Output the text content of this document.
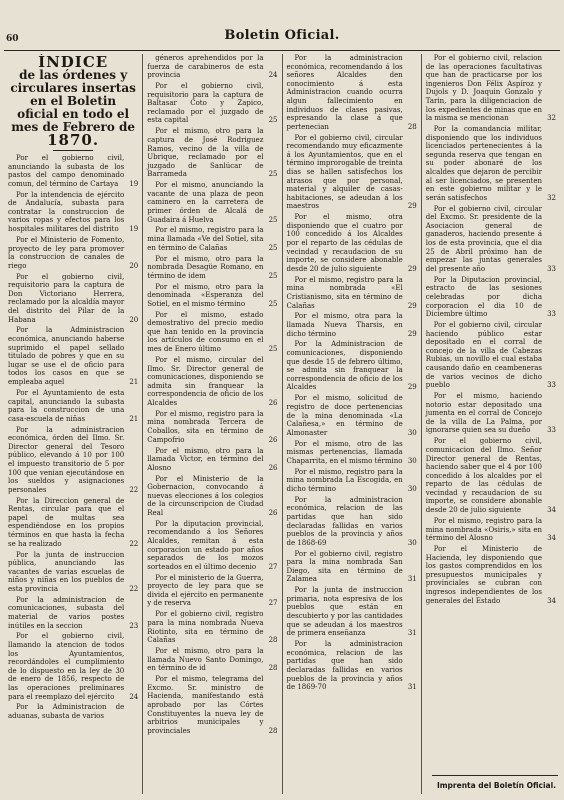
60	Boletin Oficial.
ÍNDICE
de las órdenes y circulares insertas en el Boletin oficial en todo el mes de Febrero de
1870.
Por el gobierno civil, anunciando la subasta de los pastos del campo denominado comun, del término de Cartaya	19
Por la intendencia de ejército de Andalucía, subasta para contratar la construccion de varios ropas y efectos para los hospitales militares del distrito	19
Por el Ministerio de Fomento, proyecto de ley para promover la construccion de canales de riego	20
Por el gobierno civil, requisitorio para la captura de Don Victoriano Herrera, reclamado por la alcaldía mayor del distrito del Pilar de la Habana	20
Por la Administracion económica, anunciando haberse suprimido el papel sellado titulado de pobres y que en su lugar se use el de oficio para todos los casos en que se empleaba aquel	21
Por el Ayuntamiento de esta capital, anunciando la subasta para la construccion de una casa-escuela de niñas	21
Por la administracion económica, órden del Ilmo. Sr. Director general del Tesoro público, elevando á 10 por 100 el impuesto transitorio de 5 por 100 que venian ejecutándose en los sueldos y asignaciones personales	22
Por la Direccion general de Rentas, circular para que el papel de multas sea espendiéndose en los propios términos en que hasta la fecha se ha realizado	22
Por la junta de instruccion pública, anunciando las vacantes de varias escuelas de niños y niñas en los pueblos de esta provincia	22
Por la administracion de comunicaciones, subasta del material de varios postes inútiles en la seccion	23
Por el gobierno civil, llamando la atencion de todos los Ayuntamientos, recordándoles el cumplimiento de lo dispuesto en la ley de 30 de enero de 1856, respecto de las operaciones preliminares para el reemplazo del ejército	24
Por la Administracion de aduanas, subasta de varios
géneros aprehendidos por la fuerza de carabineros de esta provincia	24
Por el gobierno civil, requisitorio para la captura de Baltasar Coto y Zapico, reclamado por el juzgado de esta capital	25
Por el mismo, otro para la captura de José Rodriguez Ramos, vecino de la villa de Ubrique, reclamado por el juzgado de Sanlúcar de Barrameda	25
Por el mismo, anunciando la vacante de una plaza de peon caminero en la carretera de primer órden de Alcalá de Guadaira á Huelva	25
Por el mismo, registro para la mina llamada «Ve del Sotiel, sita en término de Calañas	25
Por el mismo, otro para la nombrada Desagüe Romano, en término de idem	25
Por el mismo, otro para la denominada «Esperanza del Sotiel, en el mismo término	25
Por el mismo, estado demostrativo del precio medio que han tenido en la provincia los artículos de consumo en el mes de Enero último	25
Por el mismo, circular del Ilmo. Sr. Director general de comunicaciones, disponiendo se admita sin franquear la correspondencia de oficio de los Alcaldes	26
Por el mismo, registro para la mina nombrada Tercera de Coballos, sita en término de Campofrio	26
Por el mismo, otro para la llamada Victor, en término del Alosno	26
Por el Ministerio de la Gobernacion, convocando á nuevas elecciones á los colegios de la circunscripcion de Ciudad Real	26
Por la diputacion provincial, recomendando á los Señores Alcaldes, remitan á esta corporacion un estado por años separados de los mozos sorteados en el último decenio	27
Por el ministerio de la Guerra, proyecto de ley para que se divida el ejército en permanente y de reserva	27
Por el gobierno civil, registro para la mina nombrada Nueva Riotinto, sita en término de Calañas	28
Por el mismo, otro para la llamada Nuevo Santo Domingo, en término de id	28
Por el mismo, telegrama del Excmo. Sr. ministro de Hacienda, manifestando está aprobado por las Córtes Constituyentes la nueva ley de arbitrios municipales y provinciales	28
Por la administracion económica, recomendando á los señores Alcaldes den conocimiento á esta Administracion cuando ocurra algun fallecimiento en individuos de clases pasivas, espresando la clase á que pertenecian	28
Por el gobierno civil, circular recomendando muy eficazmente á los Ayuntamientos, que en el término improrogable de treinta dias se hallen satisfechos los atrasos que por personal, material y alquiler de casas-habitaciones, se adeudan á los maestros	29
Por el mismo, otra disponiendo que el cuatro por 100 concedido á los Alcaldes por el reparto de las cédulas de vecindad y recaudacion de su importe, se considere abonable desde 20 de julio siguiente	29
Por el mismo, registro para la mina nombrada «El Cristianismo, sita en término de Calañas	29
Por el mismo, otra para la llamada Nueva Tharsis, en dicho término	29
Por la Administracion de comunicaciones, disponiendo que desde 15 de febrero último, se admita sin franquear la correspondencia de oficio de los Alcaldes	29
Por el mismo, solicitud de registro de doce pertenencias de la mina denominada «La Calañesa,» en término de Almonaster	30
Por el mismo, otro de las mismas pertenencias, llamada Chaparrita, en el mismo término 30
Por el mismo, registro para la mina nombrada La Escogida, en dicho término	30
Por la administracion económica, relacion de las partidas que han sido declaradas fallidas en varios pueblos de la provincia y años de 1868-69	30
Por el gobierno civil, registro para la mina nombrada San Diego, sita en término de Zalamea	31
Por la junta de instruccion primaria, nota espresiva de los pueblos que están en descubierto y por las cantidades que se adeudan á los maestros de primera enseñanza	31
Por la administracion económica, relacion de las partidas que han sido declaradas fallidas en varios pueblos de la provincia y años de 1869-70	31
Por el gobierno civil, relacion de las operaciones facultativas que han de practicarse por los ingenieros Don Félix Aspíroz y Dujols y D. Joaquin Gonzalo y Tarin, para la diligenciacion de los expedientes de minas que en la misma se mencionan	32
Por la comandancia militar, disponiendo que los individuos licenciados pertenecientes á la segunda reserva que tengan en su poder abonaré de los alcaldes que dejaron de percibir al ser licenciados, se presenten en este gobierno militar y le serán satisfechos	32
Por el gobierno civil, circular del Excmo. Sr. presidente de la Asociacion general de ganaderos, haciendo presente á los de esta provincia, que el dia 25 de Abril próximo han de empezar las juntas generales del presente año	33
Por la Diputacion provincial, estracto de las sesiones celebradas por dicha corporacion el dia 10 de Diciembre último	33
Por el gobierno civil, circular haciendo público estar depositado en el corral de concejo de la villa de Cabezas Rubias, un novillo el cual estaba causando daño en ceambeneras de varios vecinos de dicho pueblo	33
Por el mismo, haciendo notorio estar depositado una jumenta en el corral de Concejo de la villa de La Palma, por ignorarse quien sea su dueño	33
Por el gobierno civil, comunicacion del Ilmo. Señor Director general de Rentas, haciendo saber que el 4 por 100 concedido á los alcaldes por el reparto de las cédulas de vecindad y recaudacion de su importe, se considere abonable desde 20 de julio siguiente	34
Por el mismo, registro para la mina nombrada «Osiris,» sita en término del Alosno	34
Por el Ministerio de Hacienda, ley disponiendo que los gastos comprendidos en los presupuestos municipales y provinciales se cubran con ingresos independientes de los generales del Estado	34
Imprenta del Boletín Oficial.
